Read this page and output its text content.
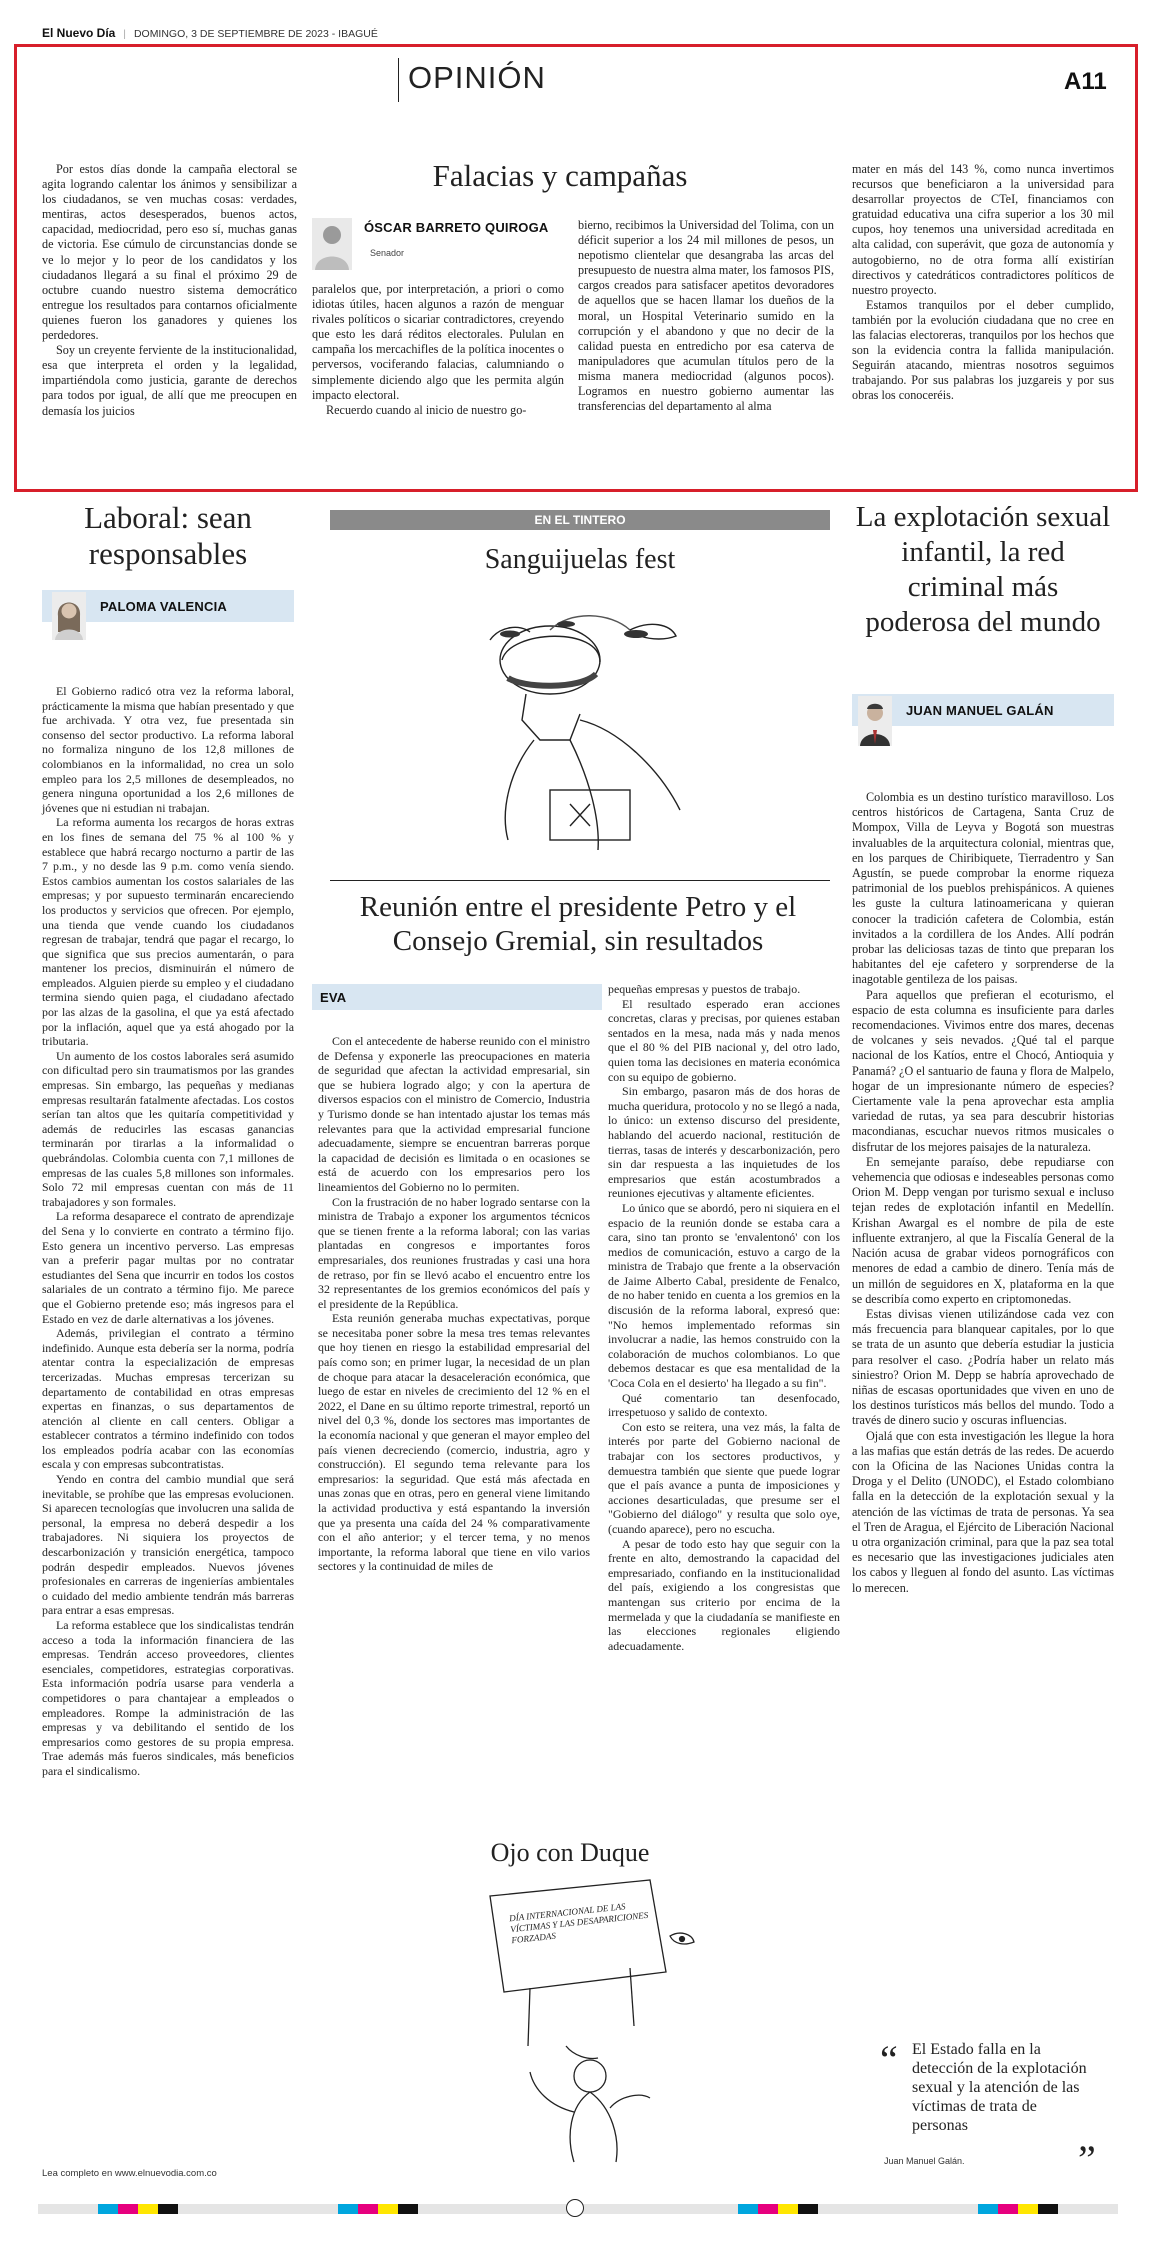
El Nuevo Día | DOMINGO, 3 DE SEPTIEMBRE DE 2023 - IBAGUÉ
OPINIÓN	A11
Falacias y campañas

Por estos días donde la campaña electoral se agita logrando calentar los ánimos y sensibilizar a los ciudadanos, se ven muchas cosas: verdades, mentiras, actos desesperados, buenos actos, capacidad, mediocridad, pero eso sí, muchas ganas de victoria. Ese cúmulo de circunstancias donde se ve lo mejor y lo peor de los candidatos y los ciudadanos llegará a su final el próximo 29 de octubre cuando nuestro sistema democrático entregue los resultados para contarnos oficialmente quienes fueron los ganadores y quienes los perdedores.

Soy un creyente ferviente de la institucionalidad, esa que interpreta el orden y la legalidad, impartiéndola como justicia, garante de derechos para todos por igual, de allí que me preocupen en demasía los juicios

ÓSCAR BARRETO QUIROGA
Senador

paralelos que, por interpretación, a priori o como idiotas útiles, hacen algunos a razón de menguar rivales políticos o sicariar contradictores, creyendo que esto les dará réditos electorales. Pululan en campaña los mercachifles de la política inocentes o perversos, vociferando falacias, calumniando o simplemente diciendo algo que les permita algún impacto electoral.

Recuerdo cuando al inicio de nuestro go-

bierno, recibimos la Universidad del Tolima, con un déficit superior a los 24 mil millones de pesos, un nepotismo clientelar que desangraba las arcas del presupuesto de nuestra alma mater, los famosos PIS, cargos creados para satisfacer apetitos devoradores de aquellos que se hacen llamar los dueños de la moral, un Hospital Veterinario sumido en la corrupción y el abandono y que no decir de la calidad puesta en entredicho por esa caterva de manipuladores que acumulan títulos pero de la misma manera mediocridad (algunos pocos). Logramos en nuestro gobierno aumentar las transferencias del departamento al alma

mater en más del 143 %, como nunca invertimos recursos que beneficiaron a la universidad para desarrollar proyectos de CTeI, financiamos con gratuidad educativa una cifra superior a los 30 mil cupos, hoy tenemos una universidad acreditada en alta calidad, con superávit, que goza de autonomía y autogobierno, no de otra forma allí existirían directivos y catedráticos contradictores políticos de nuestro proyecto.

Estamos tranquilos por el deber cumplido, también por la evolución ciudadana que no cree en las falacias electoreras, tranquilos por los hechos que son la evidencia contra la fallida manipulación. Seguirán atacando, mientras nosotros seguimos trabajando. Por sus palabras los juzgareis y por sus obras los conoceréis.

Laboral: sean responsables
PALOMA VALENCIA

El Gobierno radicó otra vez la reforma laboral, prácticamente la misma que habían presentado y que fue archivada. Y otra vez, fue presentada sin consenso del sector productivo. La reforma laboral no formaliza ninguno de los 12,8 millones de colombianos en la informalidad, no crea un solo empleo para los 2,5 millones de desempleados, no genera ninguna oportunidad a los 2,6 millones de jóvenes que ni estudian ni trabajan.

La reforma aumenta los recargos de horas extras en los fines de semana del 75 % al 100 % y establece que habrá recargo nocturno a partir de las 7 p.m., y no desde las 9 p.m. como venía siendo. Estos cambios aumentan los costos salariales de las empresas; y por supuesto terminarán encareciendo los productos y servicios que ofrecen. Por ejemplo, una tienda que vende cuando los ciudadanos regresan de trabajar, tendrá que pagar el recargo, lo que significa que sus precios aumentarán, o para mantener los precios, disminuirán el número de empleados. Alguien pierde su empleo y el ciudadano termina siendo quien paga, el ciudadano afectado por las alzas de la gasolina, el que ya está afectado por la inflación, aquel que ya está ahogado por la tributaria.

Un aumento de los costos laborales será asumido con dificultad pero sin traumatismos por las grandes empresas. Sin embargo, las pequeñas y medianas empresas resultarán fatalmente afectadas. Los costos serían tan altos que les quitaría competitividad y además de reducirles las escasas ganancias terminarán por tirarlas a la informalidad o quebrándolas. Colombia cuenta con 7,1 millones de empresas de las cuales 5,8 millones son informales. Solo 72 mil empresas cuentan con más de 11 trabajadores y son formales.

La reforma desaparece el contrato de aprendizaje del Sena y lo convierte en contrato a término fijo. Esto genera un incentivo perverso. Las empresas van a preferir pagar multas por no contratar estudiantes del Sena que incurrir en todos los costos salariales de un contrato a término fijo. Me parece que el Gobierno pretende eso; más ingresos para el Estado en vez de darle alternativas a los jóvenes.

Además, privilegian el contrato a término indefinido. Aunque esta debería ser la norma, podría atentar contra la especialización de empresas tercerizadas. Muchas empresas tercerizan su departamento de contabilidad en otras empresas expertas en finanzas, o sus departamentos de atención al cliente en call centers. Obligar a establecer contratos a término indefinido con todos los empleados podría acabar con las economías escala y con empresas subcontratistas.

Yendo en contra del cambio mundial que será inevitable, se prohíbe que las empresas evolucionen. Si aparecen tecnologías que involucren una salida de personal, la empresa no deberá despedir a los trabajadores. Ni siquiera los proyectos de descarbonización y transición energética, tampoco podrán despedir empleados. Nuevos jóvenes profesionales en carreras de ingenierías ambientales o cuidado del medio ambiente tendrán más barreras para entrar a esas empresas.

La reforma establece que los sindicalistas tendrán acceso a toda la información financiera de las empresas. Tendrán acceso proveedores, clientes esenciales, competidores, estrategias corporativas. Esta información podría usarse para venderla a competidores o para chantajear a empleados o empleadores. Rompe la administración de las empresas y va debilitando el sentido de los empresarios como gestores de su propia empresa. Trae además más fueros sindicales, más beneficios para el sindicalismo.

Lea completo en www.elnuevodia.com.co
EN EL TINTERO
Sanguijuelas fest
Reunión entre el presidente Petro y el Consejo Gremial, sin resultados
EVA

Con el antecedente de haberse reunido con el ministro de Defensa y exponerle las preocupaciones en materia de seguridad que afectan la actividad empresarial, sin que se hubiera logrado algo; y con la apertura de diversos espacios con el ministro de Comercio, Industria y Turismo donde se han intentado ajustar los temas más relevantes para que la actividad empresarial funcione adecuadamente, siempre se encuentran barreras porque la capacidad de decisión es limitada o en ocasiones se está de acuerdo con los empresarios pero los lineamientos del Gobierno no lo permiten.

Con la frustración de no haber logrado sentarse con la ministra de Trabajo a exponer los argumentos técnicos que se tienen frente a la reforma laboral; con las varias plantadas en congresos e importantes foros empresariales, dos reuniones frustradas y casi una hora de retraso, por fin se llevó acabo el encuentro entre los 32 representantes de los gremios económicos del país y el presidente de la República.

Esta reunión generaba muchas expectativas, porque se necesitaba poner sobre la mesa tres temas relevantes que hoy tienen en riesgo la estabilidad empresarial del país como son; en primer lugar, la necesidad de un plan de choque para atacar la desaceleración económica, que luego de estar en niveles de crecimiento del 12 % en el 2022, el Dane en su último reporte trimestral, reportó un nivel del 0,3 %, donde los sectores mas importantes de la economía nacional y que generan el mayor empleo del país vienen decreciendo (comercio, industria, agro y construcción). El segundo tema relevante para los empresarios: la seguridad. Que está más afectada en unas zonas que en otras, pero en general viene limitando la actividad productiva y está espantando la inversión que ya presenta una caída del 24 % comparativamente con el año anterior; y el tercer tema, y no menos importante, la reforma laboral que tiene en vilo varios sectores y la continuidad de miles de

pequeñas empresas y puestos de trabajo.

El resultado esperado eran acciones concretas, claras y precisas, por quienes estaban sentados en la mesa, nada más y nada menos que el 80 % del PIB nacional y, del otro lado, quien toma las decisiones en materia económica con su equipo de gobierno.

Sin embargo, pasaron más de dos horas de mucha queridura, protocolo y no se llegó a nada, lo único: un extenso discurso del presidente, hablando del acuerdo nacional, restitución de tierras, tasas de interés y descarbonización, pero sin dar respuesta a las inquietudes de los empresarios que están acostumbrados a reuniones ejecutivas y altamente eficientes.

Lo único que se abordó, pero ni siquiera en el espacio de la reunión donde se estaba cara a cara, sino tan pronto se 'envalentonó' con los medios de comunicación, estuvo a cargo de la ministra de Trabajo que frente a la observación de Jaime Alberto Cabal, presidente de Fenalco, de no haber tenido en cuenta a los gremios en la discusión de la reforma laboral, expresó que: "No hemos implementado reformas sin involucrar a nadie, las hemos construido con la colaboración de muchos colombianos. Lo que debemos destacar es que esa mentalidad de la 'Coca Cola en el desierto' ha llegado a su fin".

Qué comentario tan desenfocado, irrespetuoso y salido de contexto.

Con esto se reitera, una vez más, la falta de interés por parte del Gobierno nacional de trabajar con los sectores productivos, y demuestra también que siente que puede lograr que el país avance a punta de imposiciones y acciones desarticuladas, que presume ser el "Gobierno del diálogo" y resulta que solo oye, (cuando aparece), pero no escucha.

A pesar de todo esto hay que seguir con la frente en alto, demostrando la capacidad del empresariado, confiando en la institucionalidad del país, exigiendo a los congresistas que mantengan sus criterio por encima de la mermelada y que la ciudadanía se manifieste en las elecciones regionales eligiendo adecuadamente.

Ojo con Duque
DÍA INTERNACIONAL DE LAS VÍCTIMAS Y LAS DESAPARICIONES FORZADAS
La explotación sexual infantil, la red criminal más poderosa del mundo
JUAN MANUEL GALÁN

Colombia es un destino turístico maravilloso. Los centros históricos de Cartagena, Santa Cruz de Mompox, Villa de Leyva y Bogotá son muestras invaluables de la arquitectura colonial, mientras que, en los parques de Chiribiquete, Tierradentro y San Agustín, se puede comprobar la enorme riqueza patrimonial de los pueblos prehispánicos. A quienes les guste la cultura latinoamericana y quieran conocer la tradición cafetera de Colombia, están invitados a la cordillera de los Andes. Allí podrán probar las deliciosas tazas de tinto que preparan los habitantes del eje cafetero y sorprenderse de la inagotable gentileza de los paisas.

Para aquellos que prefieran el ecoturismo, el espacio de esta columna es insuficiente para darles recomendaciones. Vivimos entre dos mares, decenas de volcanes y seis nevados. ¿Qué tal el parque nacional de los Katíos, entre el Chocó, Antioquia y Panamá? ¿O el santuario de fauna y flora de Malpelo, hogar de un impresionante número de especies? Ciertamente vale la pena aprovechar esta amplia variedad de rutas, ya sea para descubrir historias macondianas, escuchar nuevos ritmos musicales o disfrutar de los mejores paisajes de la naturaleza.

En semejante paraíso, debe repudiarse con vehemencia que odiosas e indeseables personas como Orion M. Depp vengan por turismo sexual e incluso tejan redes de explotación infantil en Medellín. Krishan Awargal es el nombre de pila de este influente extranjero, al que la Fiscalía General de la Nación acusa de grabar videos pornográficos con menores de edad a cambio de dinero. Tenía más de un millón de seguidores en X, plataforma en la que se describía como experto en criptomonedas.

Estas divisas vienen utilizándose cada vez con más frecuencia para blanquear capitales, por lo que se trata de un asunto que debería estudiar la justicia para resolver el caso. ¿Podría haber un relato más siniestro? Orion M. Depp se habría aprovechado de niñas de escasas oportunidades que viven en uno de los destinos turísticos más bellos del mundo. Todo a través de dinero sucio y oscuras influencias.

Ojalá que con esta investigación les llegue la hora a las mafias que están detrás de las redes. De acuerdo con la Oficina de las Naciones Unidas contra la Droga y el Delito (UNODC), el Estado colombiano falla en la detección de la explotación sexual y la atención de las víctimas de trata de personas. Ya sea el Tren de Aragua, el Ejército de Liberación Nacional u otra organización criminal, para que la paz sea total es necesario que las investigaciones judiciales aten los cabos y lleguen al fondo del asunto. Las víctimas lo merecen.

“ El Estado falla en la detección de la explotación sexual y la atención de las víctimas de trata de personas
Juan Manuel Galán.	”
